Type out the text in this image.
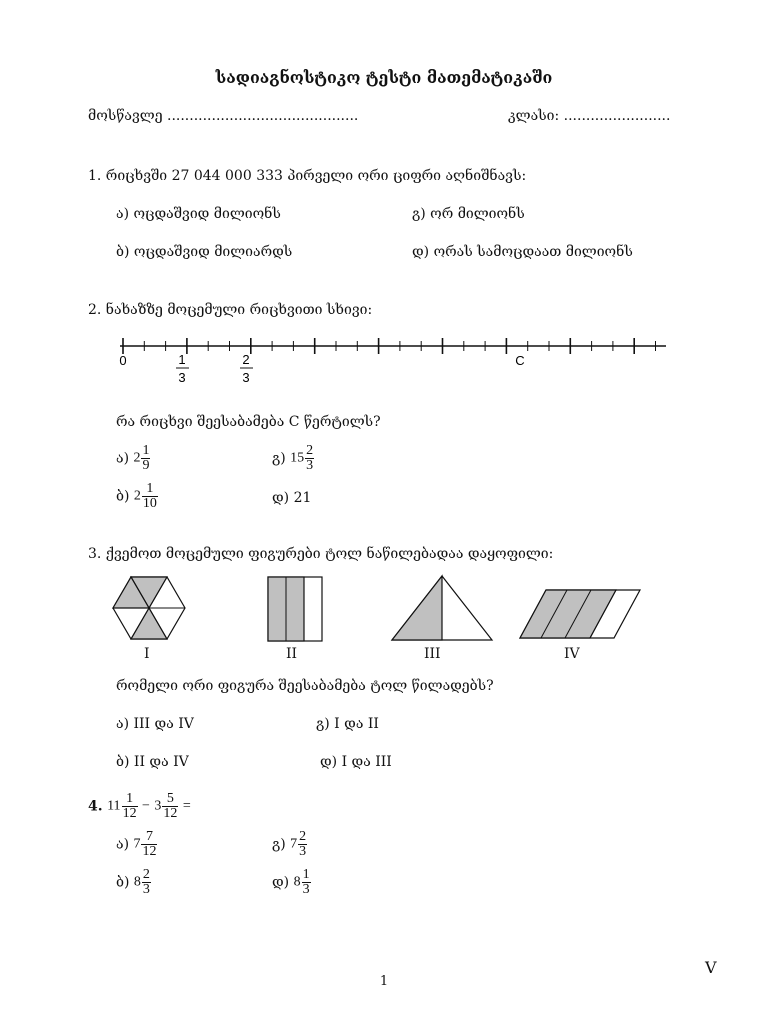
სადიაგნოსტიკო ტესტი მათემატიკაში
მოსწავლე ...........................................	კლასი: ........................
1. რიცხვში 27 044 000 333 პირველი ორი ციფრი აღნიშნავს:
ა) ოცდაშვიდ მილიონს	გ) ორ მილიონს
ბ) ოცდაშვიდ მილიარდს	დ) ორას სამოცდაათ მილიონს
2. ნახაზზე მოცემული რიცხვითი სხივი:
0	1
3
2
3
C
რა რიცხვი შეესაბამება C წერტილს?
ა) $2 \frac{1}{9}$	გ) $15 \frac{2}{3}$
ბ) $2 \frac{1}{10}$	დ) 21
3. ქვემოთ მოცემული ფიგურები ტოლ ნაწილებადაა დაყოფილი:
I	II	III	IV
რომელი ორი ფიგურა შეესაბამება ტოლ წილადებს?
ა) III და IV	გ) I და II
ბ) II და IV	დ) I და III
4. $11 \frac{1}{12} - 3 \frac{5}{12}$ =
ა) $7 \frac{7}{12}$	გ) $7 \frac{2}{3}$
ბ) $8 \frac{2}{3}$	დ) $8 \frac{1}{3}$
V
1
